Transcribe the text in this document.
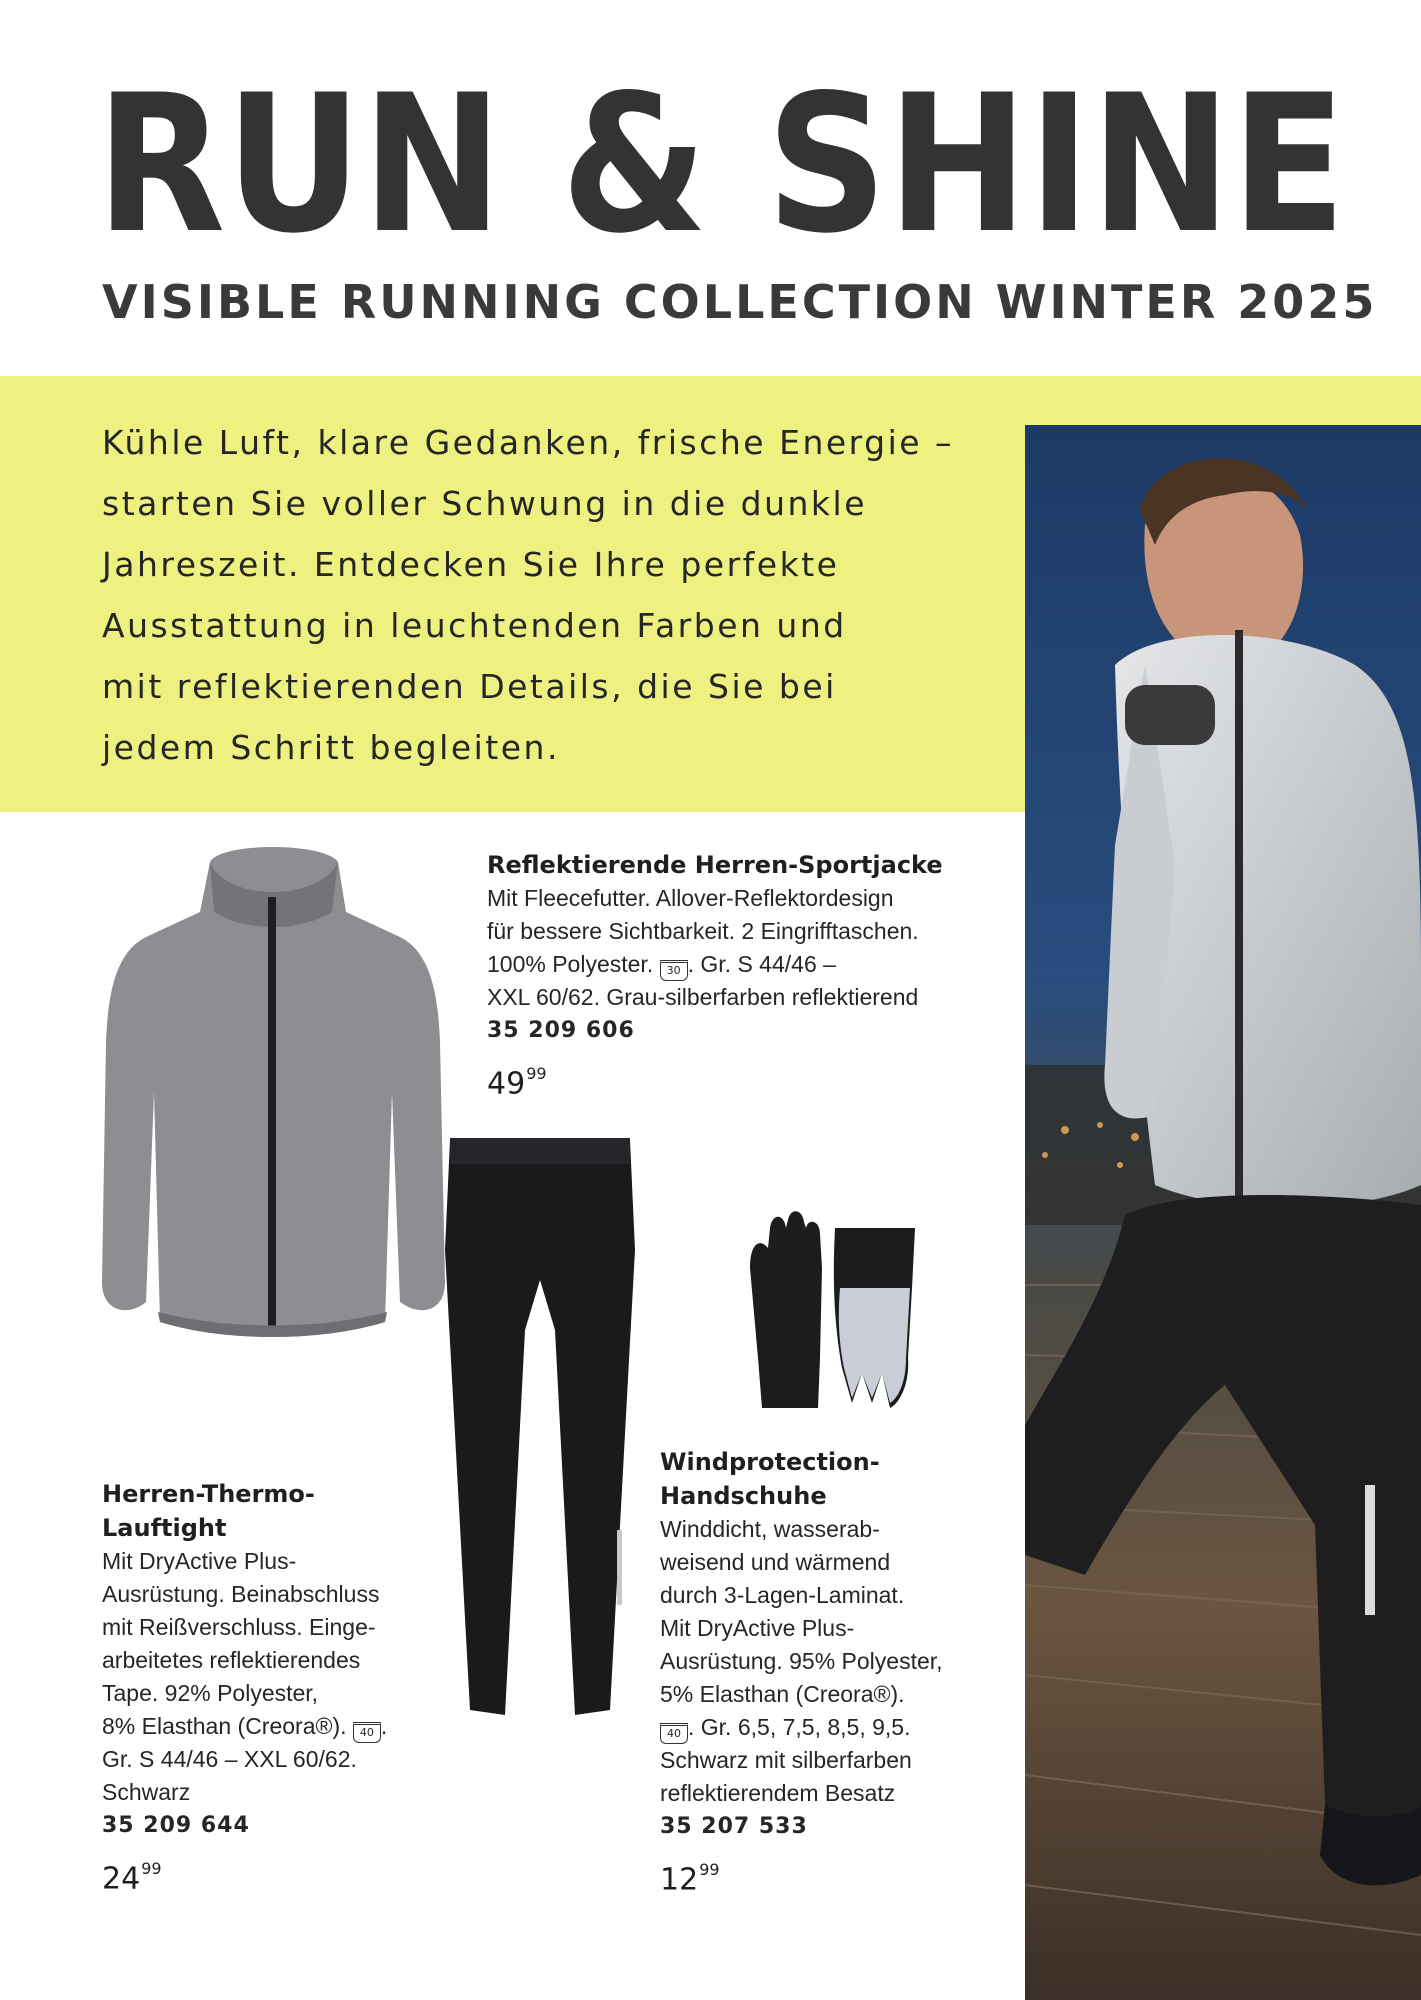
RUN & SHINE
VISIBLE RUNNING COLLECTION WINTER 2025
Kühle Luft, klare Gedanken, frische Energie –
starten Sie voller Schwung in die dunkle
Jahreszeit. Entdecken Sie Ihre perfekte
Ausstattung in leuchtenden Farben und
mit reflektierenden Details, die Sie bei
jedem Schritt begleiten.
Reflektierende Herren-Sportjacke
Mit Fleecefutter. Allover-Reflektordesign
für bessere Sichtbarkeit. 2 Eingrifftaschen.
100% Polyester. 30 . Gr. S 44/46 –
XXL 60/62. Grau-silberfarben reflektierend
35 209 606
$49^{99}$
Herren-Thermo-
Lauftight
Mit DryActive Plus-
Ausrüstung. Beinabschluss
mit Reißverschluss. Einge-
arbeitetes reflektierendes
Tape. 92% Polyester,
8% Elasthan (Creora®). 40 .
Gr. S 44/46 – XXL 60/62.
Schwarz
35 209 644
$24^{99}$
Windprotection-
Handschuhe
Winddicht, wasserab-
weisend und wärmend
durch 3-Lagen-Laminat.
Mit DryActive Plus-
Ausrüstung. 95% Polyester,
5% Elasthan (Creora®).
40 . Gr. 6,5, 7,5, 8,5, 9,5.
Schwarz mit silberfarben
reflektierendem Besatz
35 207 533
$12^{99}$
